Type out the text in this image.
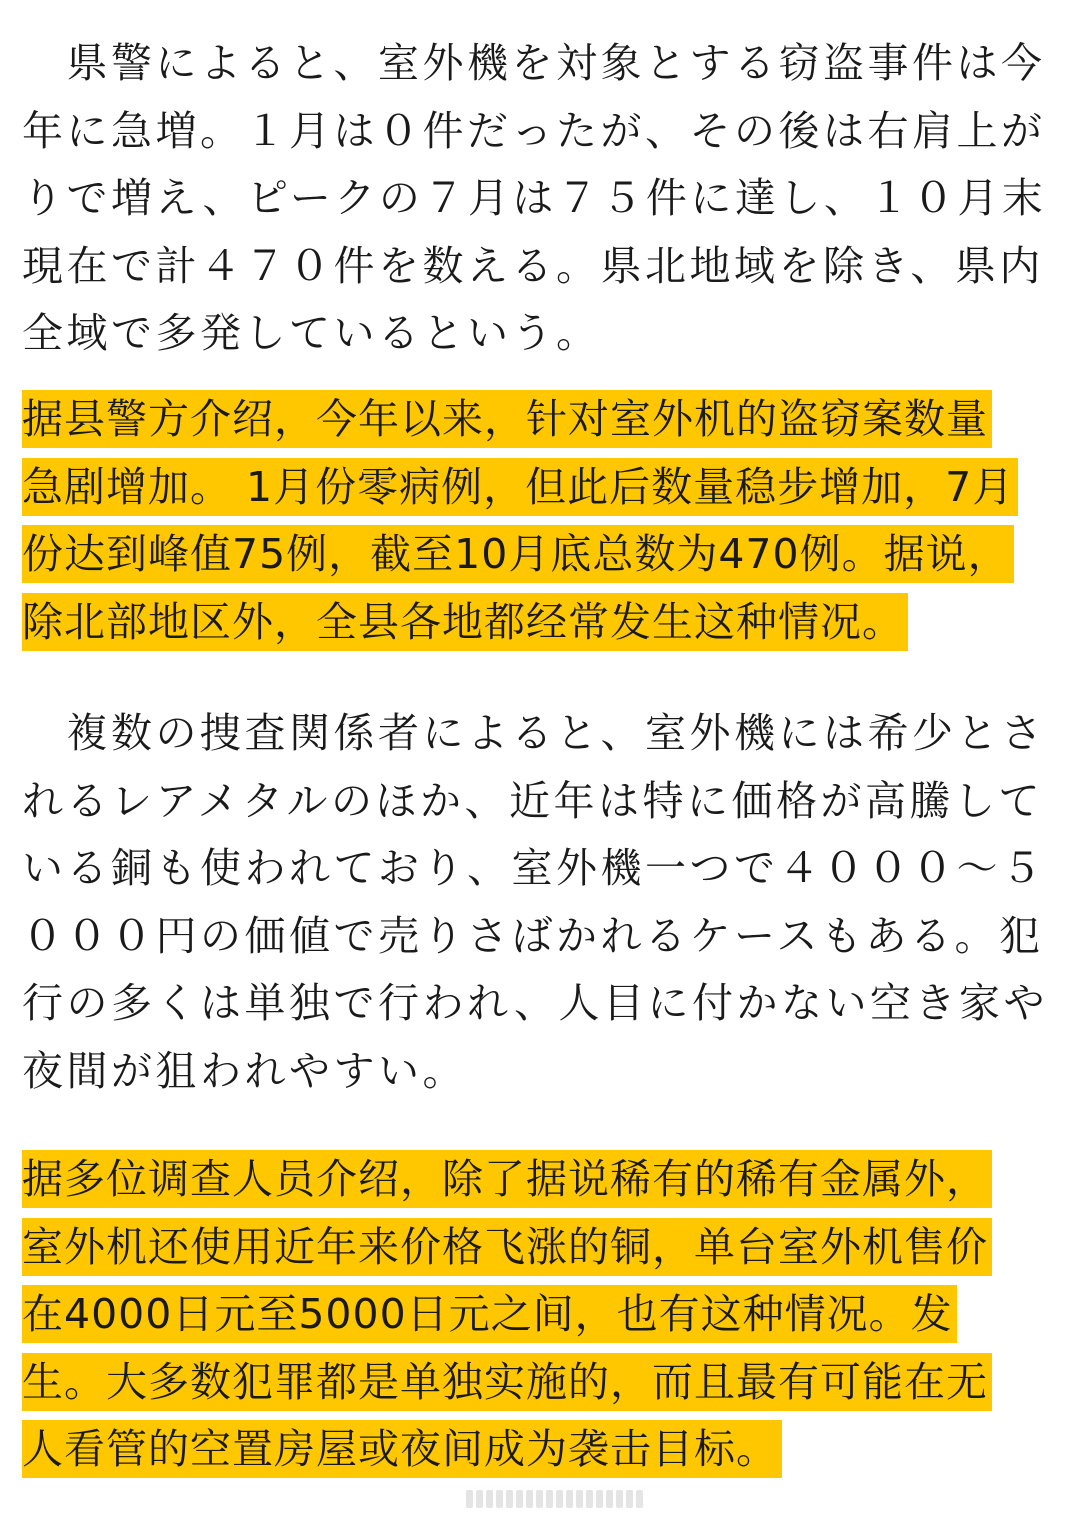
　県警によると、室外機を対象とする窃盗事件は今
年に急増。１月は０件だったが、その後は右肩上が
りで増え、ピークの７月は７５件に達し、１０月末
現在で計４７０件を数える。県北地域を除き、県内
全域で多発しているという。
据县警方介绍，今年以来，针对室外机的盗窃案数量
急剧增加。 1月份零病例，但此后数量稳步增加，7月
份达到峰值75例，截至10月底总数为470例。据说，
除北部地区外，全县各地都经常发生这种情况。
　複数の捜査関係者によると、室外機には希少とさ
れるレアメタルのほか、近年は特に価格が高騰して
いる銅も使われており、室外機一つで４０００～５
０００円の価値で売りさばかれるケースもある。犯
行の多くは単独で行われ、人目に付かない空き家や
夜間が狙われやすい。
据多位调查人员介绍，除了据说稀有的稀有金属外，
室外机还使用近年来价格飞涨的铜，单台室外机售价
在4000日元至5000日元之间，也有这种情况。发
生。大多数犯罪都是单独实施的，而且最有可能在无
人看管的空置房屋或夜间成为袭击目标。
